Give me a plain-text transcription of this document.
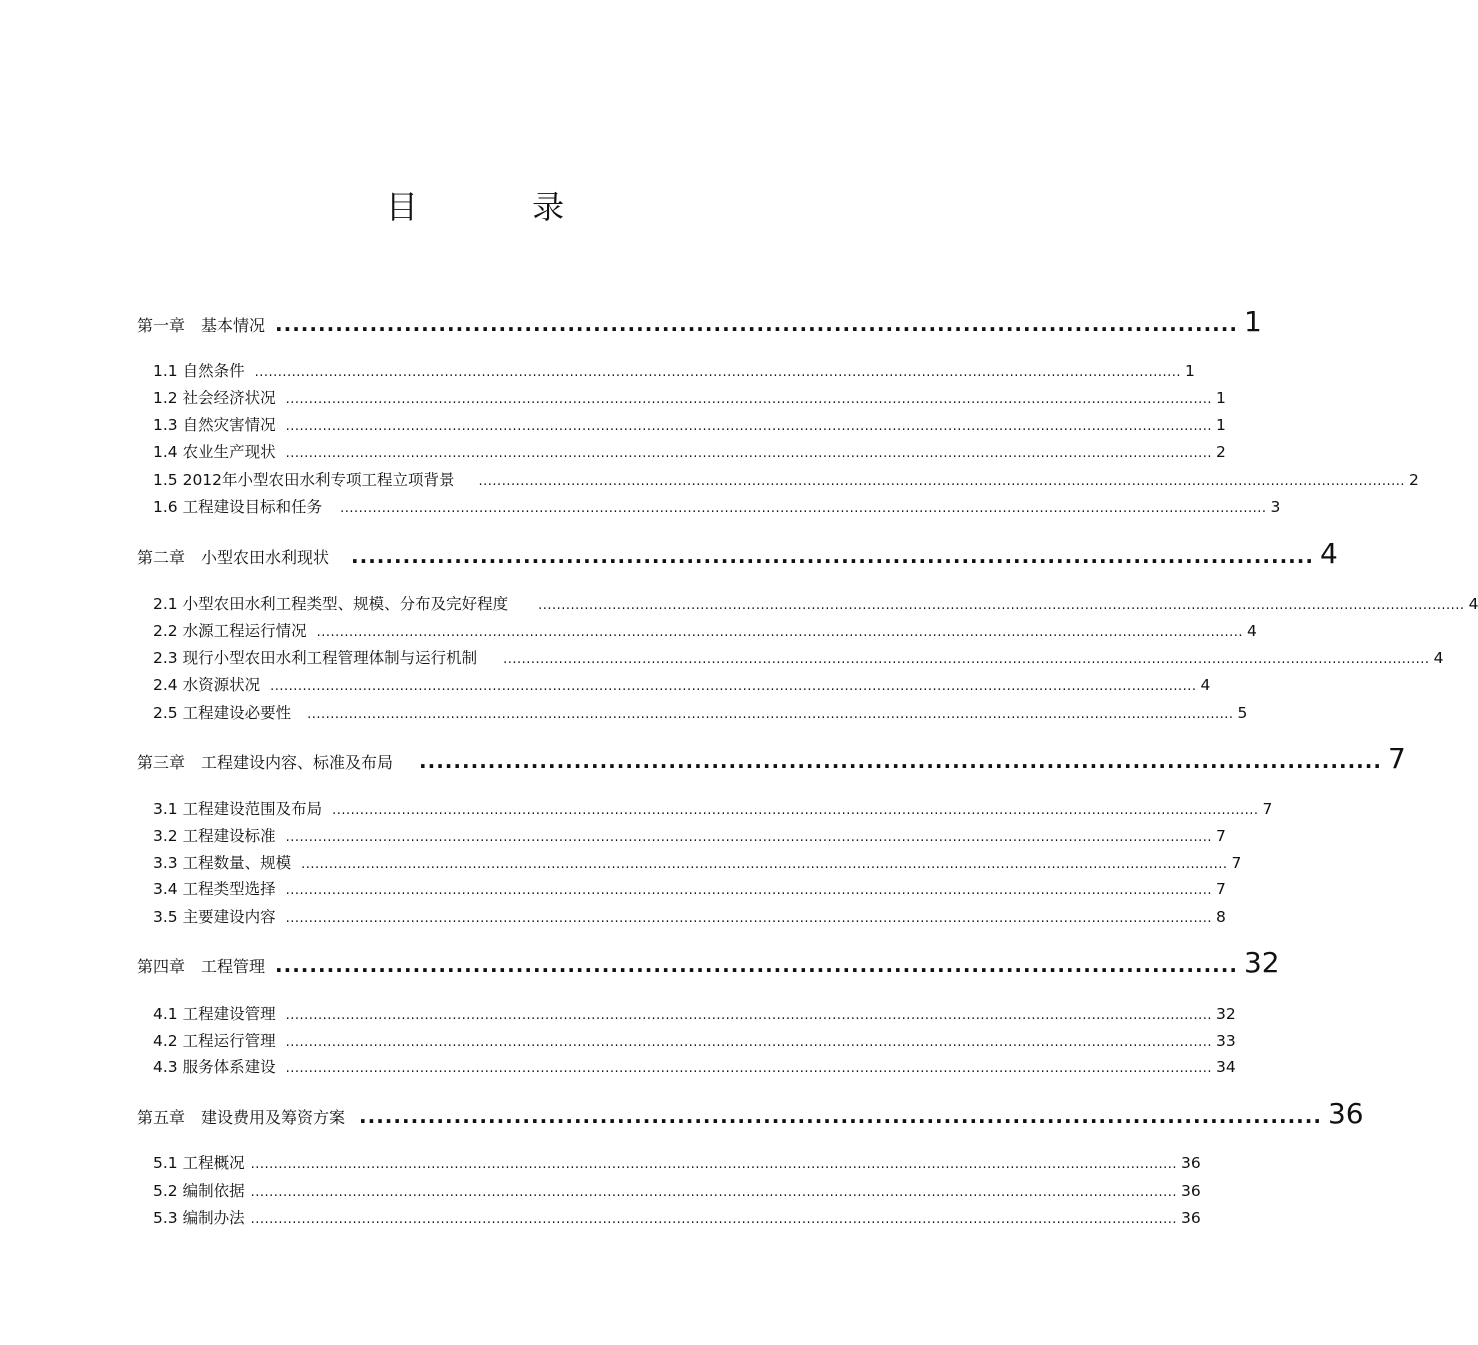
目 录
第一章　基本情况 ................................................................................................................ 1
1.1 自然条件 ........................................................................................................................................................................................................ 1
1.2 社会经济状况 ........................................................................................................................................................................................................ 1
1.3 自然灾害情况 ........................................................................................................................................................................................................ 1
1.4 农业生产现状 ........................................................................................................................................................................................................ 2
1.5 2012年小型农田水利专项工程立项背景 ........................................................................................................................................................................................................ 2
1.6 工程建设目标和任务 ........................................................................................................................................................................................................ 3
第二章　小型农田水利现状 ................................................................................................................ 4
2.1 小型农田水利工程类型、规模、分布及完好程度 ........................................................................................................................................................................................................ 4
2.2 水源工程运行情况 ........................................................................................................................................................................................................ 4
2.3 现行小型农田水利工程管理体制与运行机制 ........................................................................................................................................................................................................ 4
2.4 水资源状况 ........................................................................................................................................................................................................ 4
2.5 工程建设必要性 ........................................................................................................................................................................................................ 5
第三章　工程建设内容、标准及布局 ................................................................................................................ 7
3.1 工程建设范围及布局 ........................................................................................................................................................................................................ 7
3.2 工程建设标准 ........................................................................................................................................................................................................ 7
3.3 工程数量、规模 ........................................................................................................................................................................................................ 7
3.4 工程类型选择 ........................................................................................................................................................................................................ 7
3.5 主要建设内容 ........................................................................................................................................................................................................ 8
第四章　工程管理 ................................................................................................................ 32
4.1 工程建设管理 ........................................................................................................................................................................................................ 32
4.2 工程运行管理 ........................................................................................................................................................................................................ 33
4.3 服务体系建设 ........................................................................................................................................................................................................ 34
第五章　建设费用及筹资方案 ................................................................................................................ 36
5.1 工程概况 ........................................................................................................................................................................................................ 36
5.2 编制依据 ........................................................................................................................................................................................................ 36
5.3 编制办法 ........................................................................................................................................................................................................ 36
